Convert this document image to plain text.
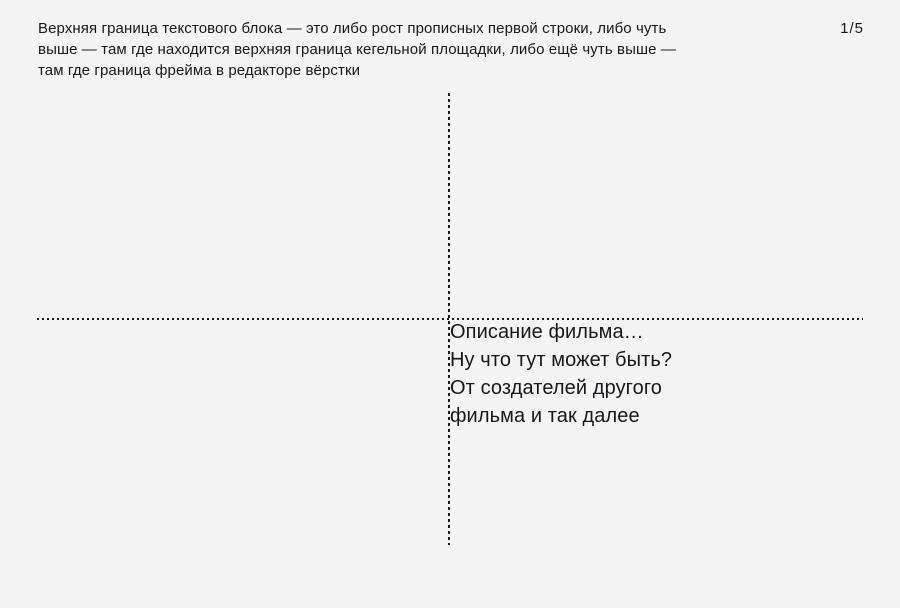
Верхняя граница текстового блока — это либо рост прописных первой строки, либо чуть
выше — там где находится верхняя граница кегельной площадки, либо ещё чуть выше —
там где граница фрейма в редакторе вёрстки
1/5
Описание фильма…
Ну что тут может быть?
От создателей другого
фильма и так далее
